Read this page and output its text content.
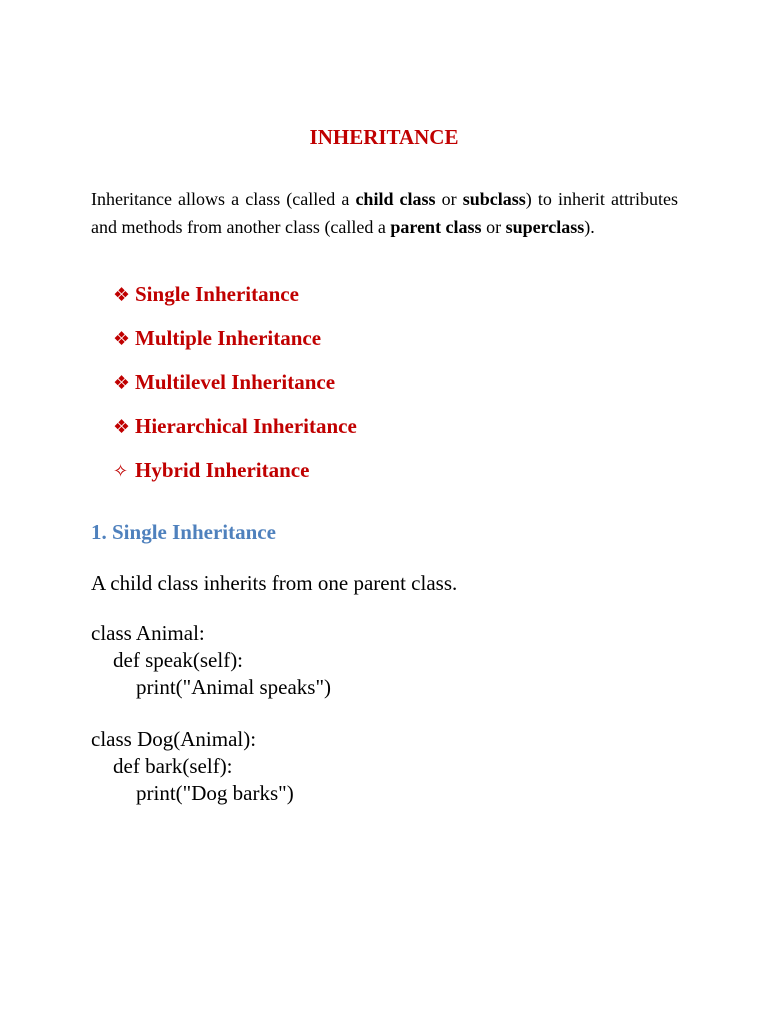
INHERITANCE

Inheritance allows a class (called a child class or subclass) to inherit attributes and methods from another class (called a parent class or superclass).

❖ Single Inheritance
❖ Multiple Inheritance
❖ Multilevel Inheritance
❖ Hierarchical Inheritance
✧ Hybrid Inheritance
1. Single Inheritance
A child class inherits from one parent class.
class Animal:
def speak(self):
print("Animal speaks")
class Dog(Animal):
def bark(self):
print("Dog barks")
